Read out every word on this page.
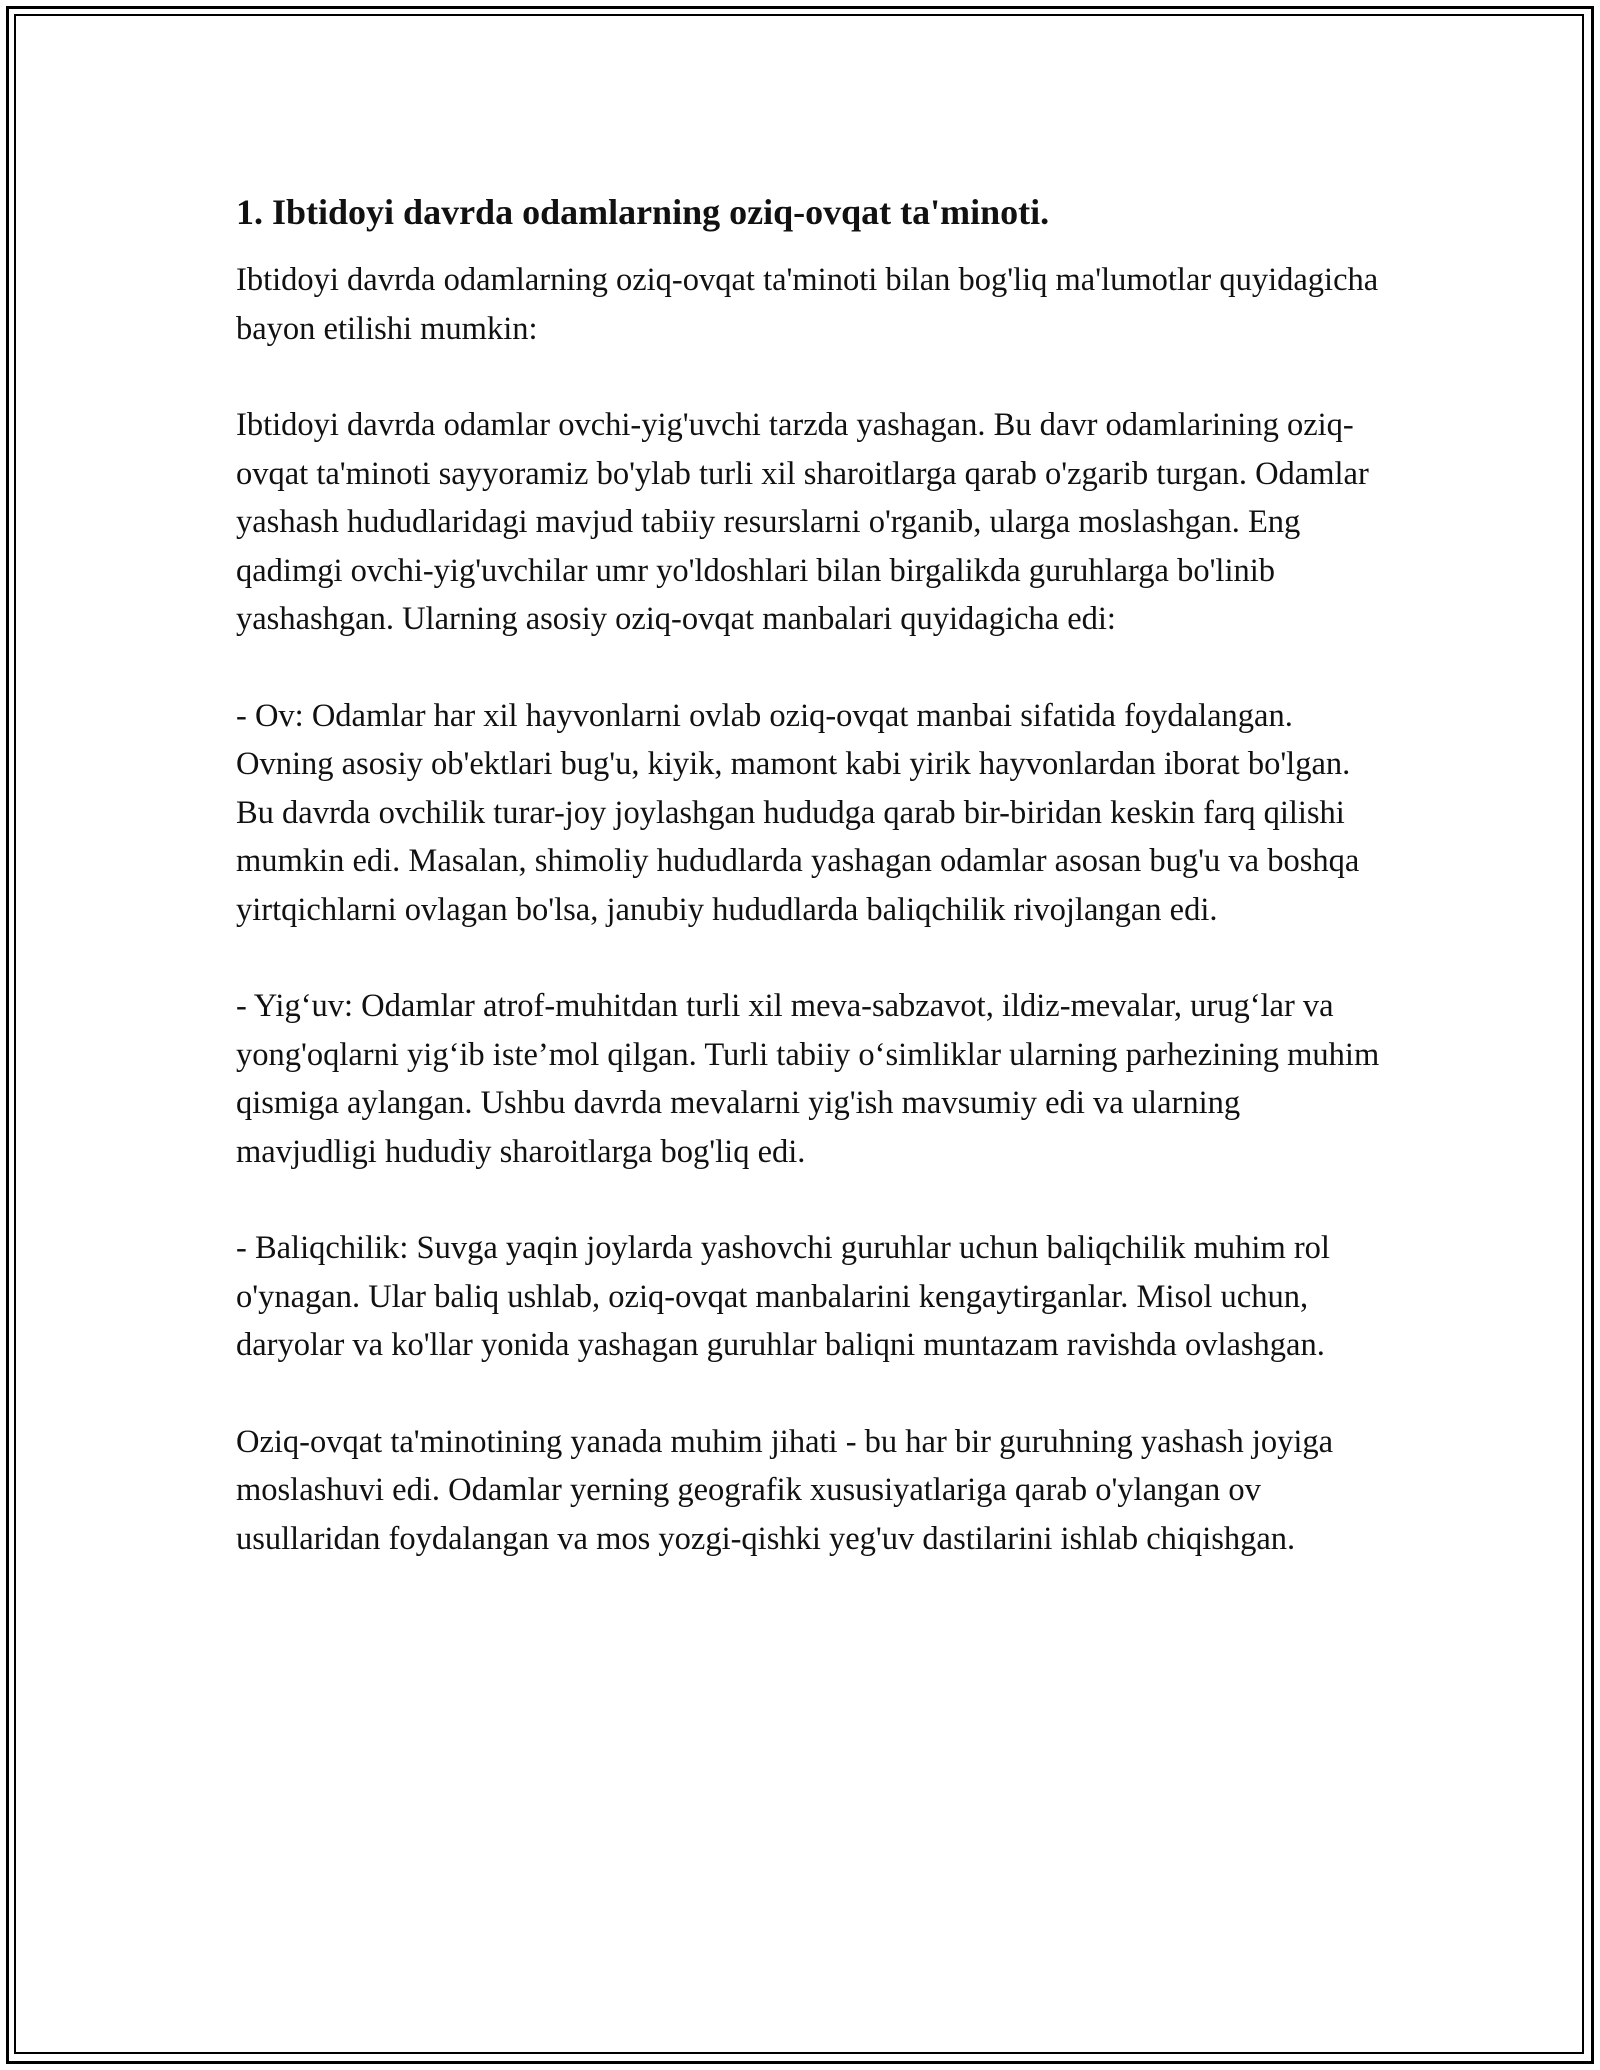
1. Ibtidoyi davrda odamlarning oziq-ovqat ta'minoti.

Ibtidoyi davrda odamlarning oziq-ovqat ta'minoti bilan bog'liq ma'lumotlar quyidagicha bayon etilishi mumkin:

Ibtidoyi davrda odamlar ovchi-yig'uvchi tarzda yashagan. Bu davr odamlarining oziq-ovqat ta'minoti sayyoramiz bo'ylab turli xil sharoitlarga qarab o'zgarib turgan. Odamlar yashash hududlaridagi mavjud tabiiy resurslarni o'rganib, ularga moslashgan. Eng qadimgi ovchi-yig'uvchilar umr yo'ldoshlari bilan birgalikda guruhlarga bo'linib yashashgan. Ularning asosiy oziq-ovqat manbalari quyidagicha edi:

- Ov: Odamlar har xil hayvonlarni ovlab oziq-ovqat manbai sifatida foydalangan. Ovning asosiy ob'ektlari bug'u, kiyik, mamont kabi yirik hayvonlardan iborat bo'lgan. Bu davrda ovchilik turar-joy joylashgan hududga qarab bir-biridan keskin farq qilishi mumkin edi. Masalan, shimoliy hududlarda yashagan odamlar asosan bug'u va boshqa yirtqichlarni ovlagan bo'lsa, janubiy hududlarda baliqchilik rivojlangan edi.

- Yig‘uv: Odamlar atrof-muhitdan turli xil meva-sabzavot, ildiz-mevalar, urug‘lar va yong'oqlarni yig‘ib iste’mol qilgan. Turli tabiiy o‘simliklar ularning parhezining muhim qismiga aylangan. Ushbu davrda mevalarni yig'ish mavsumiy edi va ularning mavjudligi hududiy sharoitlarga bog'liq edi.

- Baliqchilik: Suvga yaqin joylarda yashovchi guruhlar uchun baliqchilik muhim rol o'ynagan. Ular baliq ushlab, oziq-ovqat manbalarini kengaytirganlar. Misol uchun, daryolar va ko'llar yonida yashagan guruhlar baliqni muntazam ravishda ovlashgan.

Oziq-ovqat ta'minotining yanada muhim jihati - bu har bir guruhning yashash joyiga moslashuvi edi. Odamlar yerning geografik xususiyatlariga qarab o'ylangan ov usullaridan foydalangan va mos yozgi-qishki yeg'uv dastilarini ishlab chiqishgan.
